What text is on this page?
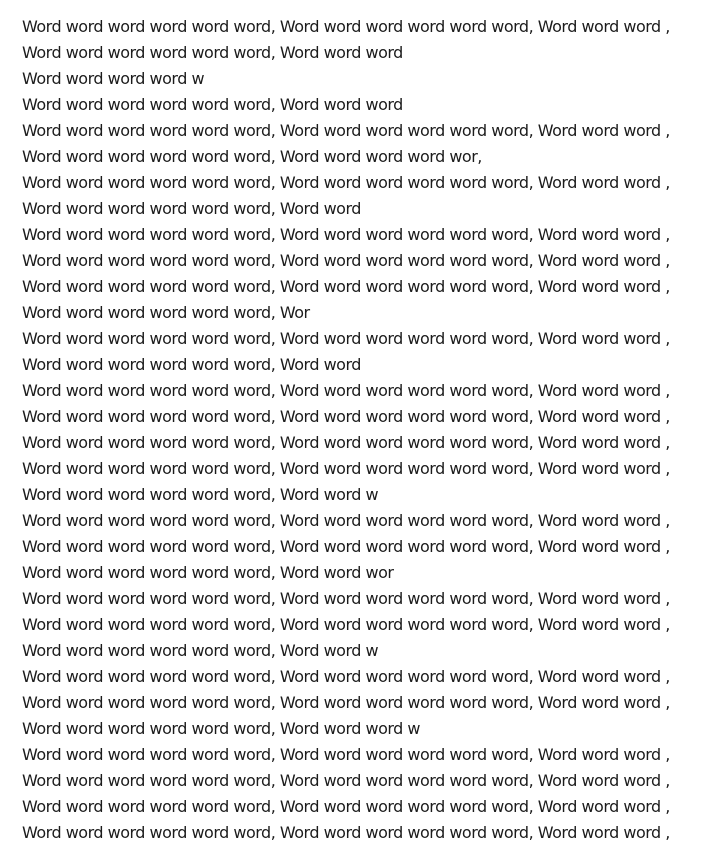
Word word word word word word, Word word word word word word, Word word word ,
Word word word word word word, Word word word
Word word word word w
Word word word word word word, Word word word
Word word word word word word, Word word word word word word, Word word word ,
Word word word word word word, Word word word word wor,
Word word word word word word, Word word word word word word, Word word word ,
Word word word word word word, Word word
Word word word word word word, Word word word word word word, Word word word ,
Word word word word word word, Word word word word word word, Word word word ,
Word word word word word word, Word word word word word word, Word word word ,
Word word word word word word, Wor
Word word word word word word, Word word word word word word, Word word word ,
Word word word word word word, Word word
Word word word word word word, Word word word word word word, Word word word ,
Word word word word word word, Word word word word word word, Word word word ,
Word word word word word word, Word word word word word word, Word word word ,
Word word word word word word, Word word word word word word, Word word word ,
Word word word word word word, Word word w
Word word word word word word, Word word word word word word, Word word word ,
Word word word word word word, Word word word word word word, Word word word ,
Word word word word word word, Word word wor
Word word word word word word, Word word word word word word, Word word word ,
Word word word word word word, Word word word word word word, Word word word ,
Word word word word word word, Word word w
Word word word word word word, Word word word word word word, Word word word ,
Word word word word word word, Word word word word word word, Word word word ,
Word word word word word word, Word word word w
Word word word word word word, Word word word word word word, Word word word ,
Word word word word word word, Word word word word word word, Word word word ,
Word word word word word word, Word word word word word word, Word word word ,
Word word word word word word, Word word word word word word, Word word word ,
